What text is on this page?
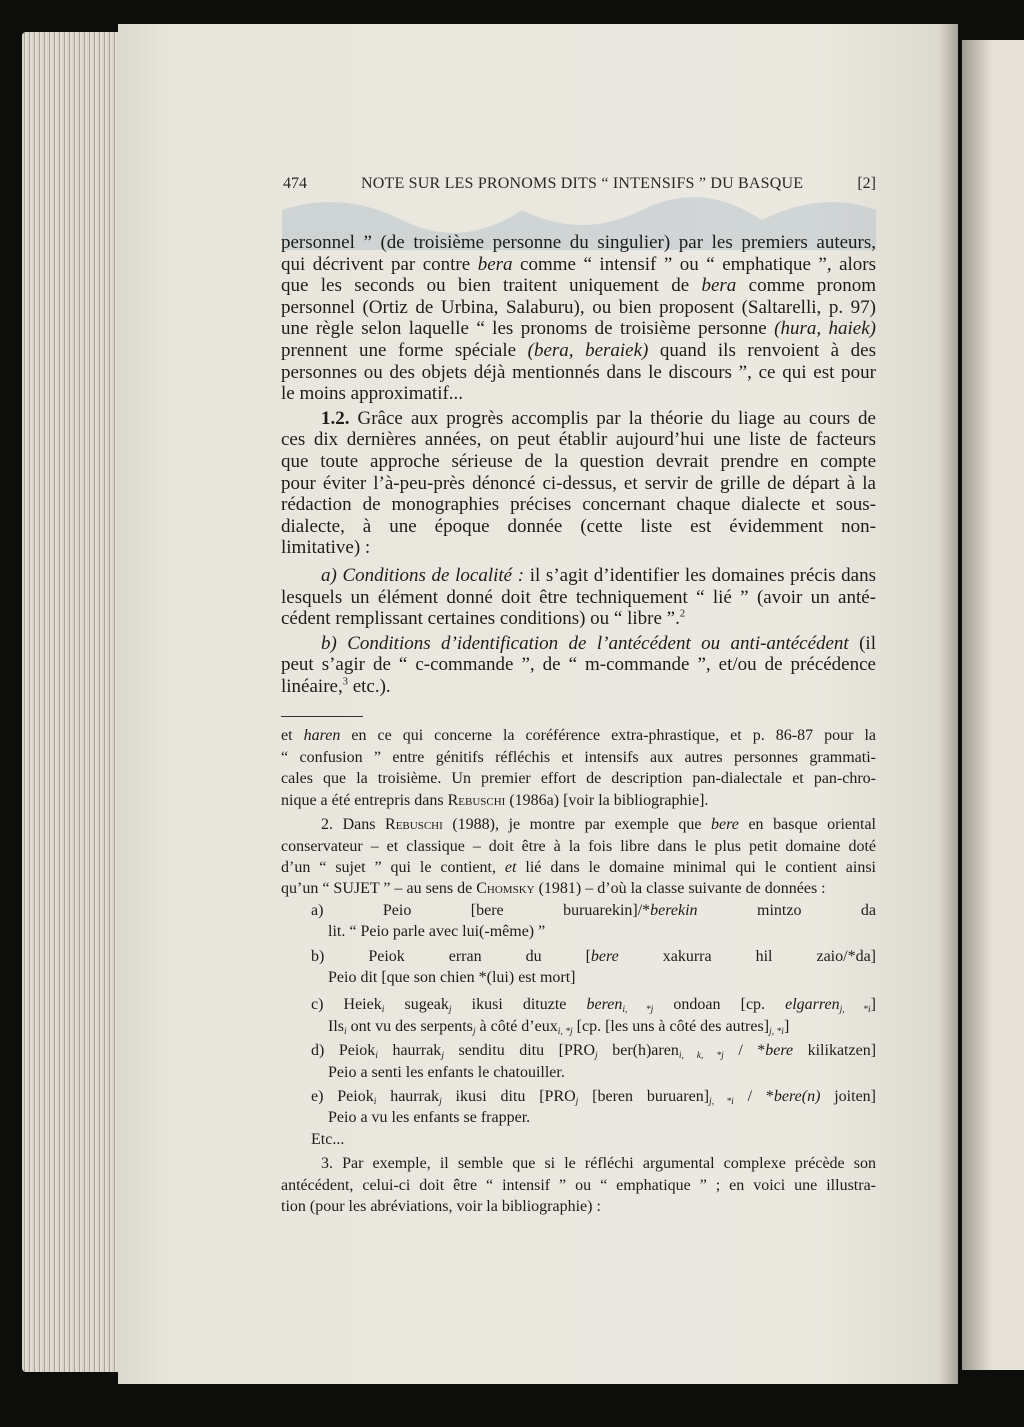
474	NOTE SUR LES PRONOMS DITS “ INTENSIFS ” DU BASQUE	[2]
personnel ” (de troisième personne du singulier) par les premiers auteurs,
qui décrivent par contre bera comme “ intensif ” ou “ emphatique ”, alors
que les seconds ou bien traitent uniquement de bera comme pronom
personnel (Ortiz de Urbina, Salaburu), ou bien proposent (Saltarelli, p. 97)
une règle selon laquelle “ les pronoms de troisième personne (hura, haiek)
prennent une forme spéciale (bera, beraiek) quand ils renvoient à des
personnes ou des objets déjà mentionnés dans le discours ”, ce qui est pour
le moins approximatif...
1.2. Grâce aux progrès accomplis par la théorie du liage au cours de
ces dix dernières années, on peut établir aujourd’hui une liste de facteurs
que toute approche sérieuse de la question devrait prendre en compte
pour éviter l’à-peu-près dénoncé ci-dessus, et servir de grille de départ à la
rédaction de monographies précises concernant chaque dialecte et sous-
dialecte, à une époque donnée (cette liste est évidemment non-
limitative) :
a) Conditions de localité : il s’agit d’identifier les domaines précis dans
lesquels un élément donné doit être techniquement “ lié ” (avoir un anté-
cédent remplissant certaines conditions) ou “ libre ”.$^2$
b) Conditions d’identification de l’antécédent ou anti-antécédent (il
peut s’agir de “ c-commande ”, de “ m-commande ”, et/ou de précédence
linéaire,$^3$ etc.).
et haren en ce qui concerne la coréférence extra-phrastique, et p. 86-87 pour la
“ confusion ” entre génitifs réfléchis et intensifs aux autres personnes grammati-
cales que la troisième. Un premier effort de description pan-dialectale et pan-chro-
nique a été entrepris dans Rebuschi (1986a) [voir la bibliographie].
2. Dans Rebuschi (1988), je montre par exemple que bere en basque oriental
conservateur – et classique – doit être à la fois libre dans le plus petit domaine doté
d’un “ sujet ” qui le contient, et lié dans le domaine minimal qui le contient ainsi
qu’un “ SUJET ” – au sens de Chomsky (1981) – d’où la classe suivante de données :
a) Peio [bere buruarekin]/*berekin mintzo da
lit. “ Peio parle avec lui(-même) ”
b) Peiok erran du [bere xakurra hil zaio/*da]
Peio dit [que son chien *(lui) est mort]
c) Heiek$_i$ sugeak$_j$ ikusi dituzte beren$_{i, *j}$ ondoan [cp. elgarren$_{j, *i}$]
Ils$_i$ ont vu des serpents$_j$ à côté d’eux$_{i, *j}$ [cp. [les uns à côté des $autres]_{j, *i}$]
d) Peiok$_i$ haurrak$_j$ senditu ditu [$PRO_j$ ber(h)aren$_{i, k, *j}$ / *bere kilikatzen]
Peio a senti les enfants le chatouiller.
e) Peiok$_i$ haurrak$_j$ ikusi ditu [$PRO_j$ [beren $buruaren]_{j, *i}$ / *bere(n) joiten]
Peio a vu les enfants se frapper.
Etc...
3. Par exemple, il semble que si le réfléchi argumental complexe précède son
antécédent, celui-ci doit être “ intensif ” ou “ emphatique ” ; en voici une illustra-
tion (pour les abréviations, voir la bibliographie) :
